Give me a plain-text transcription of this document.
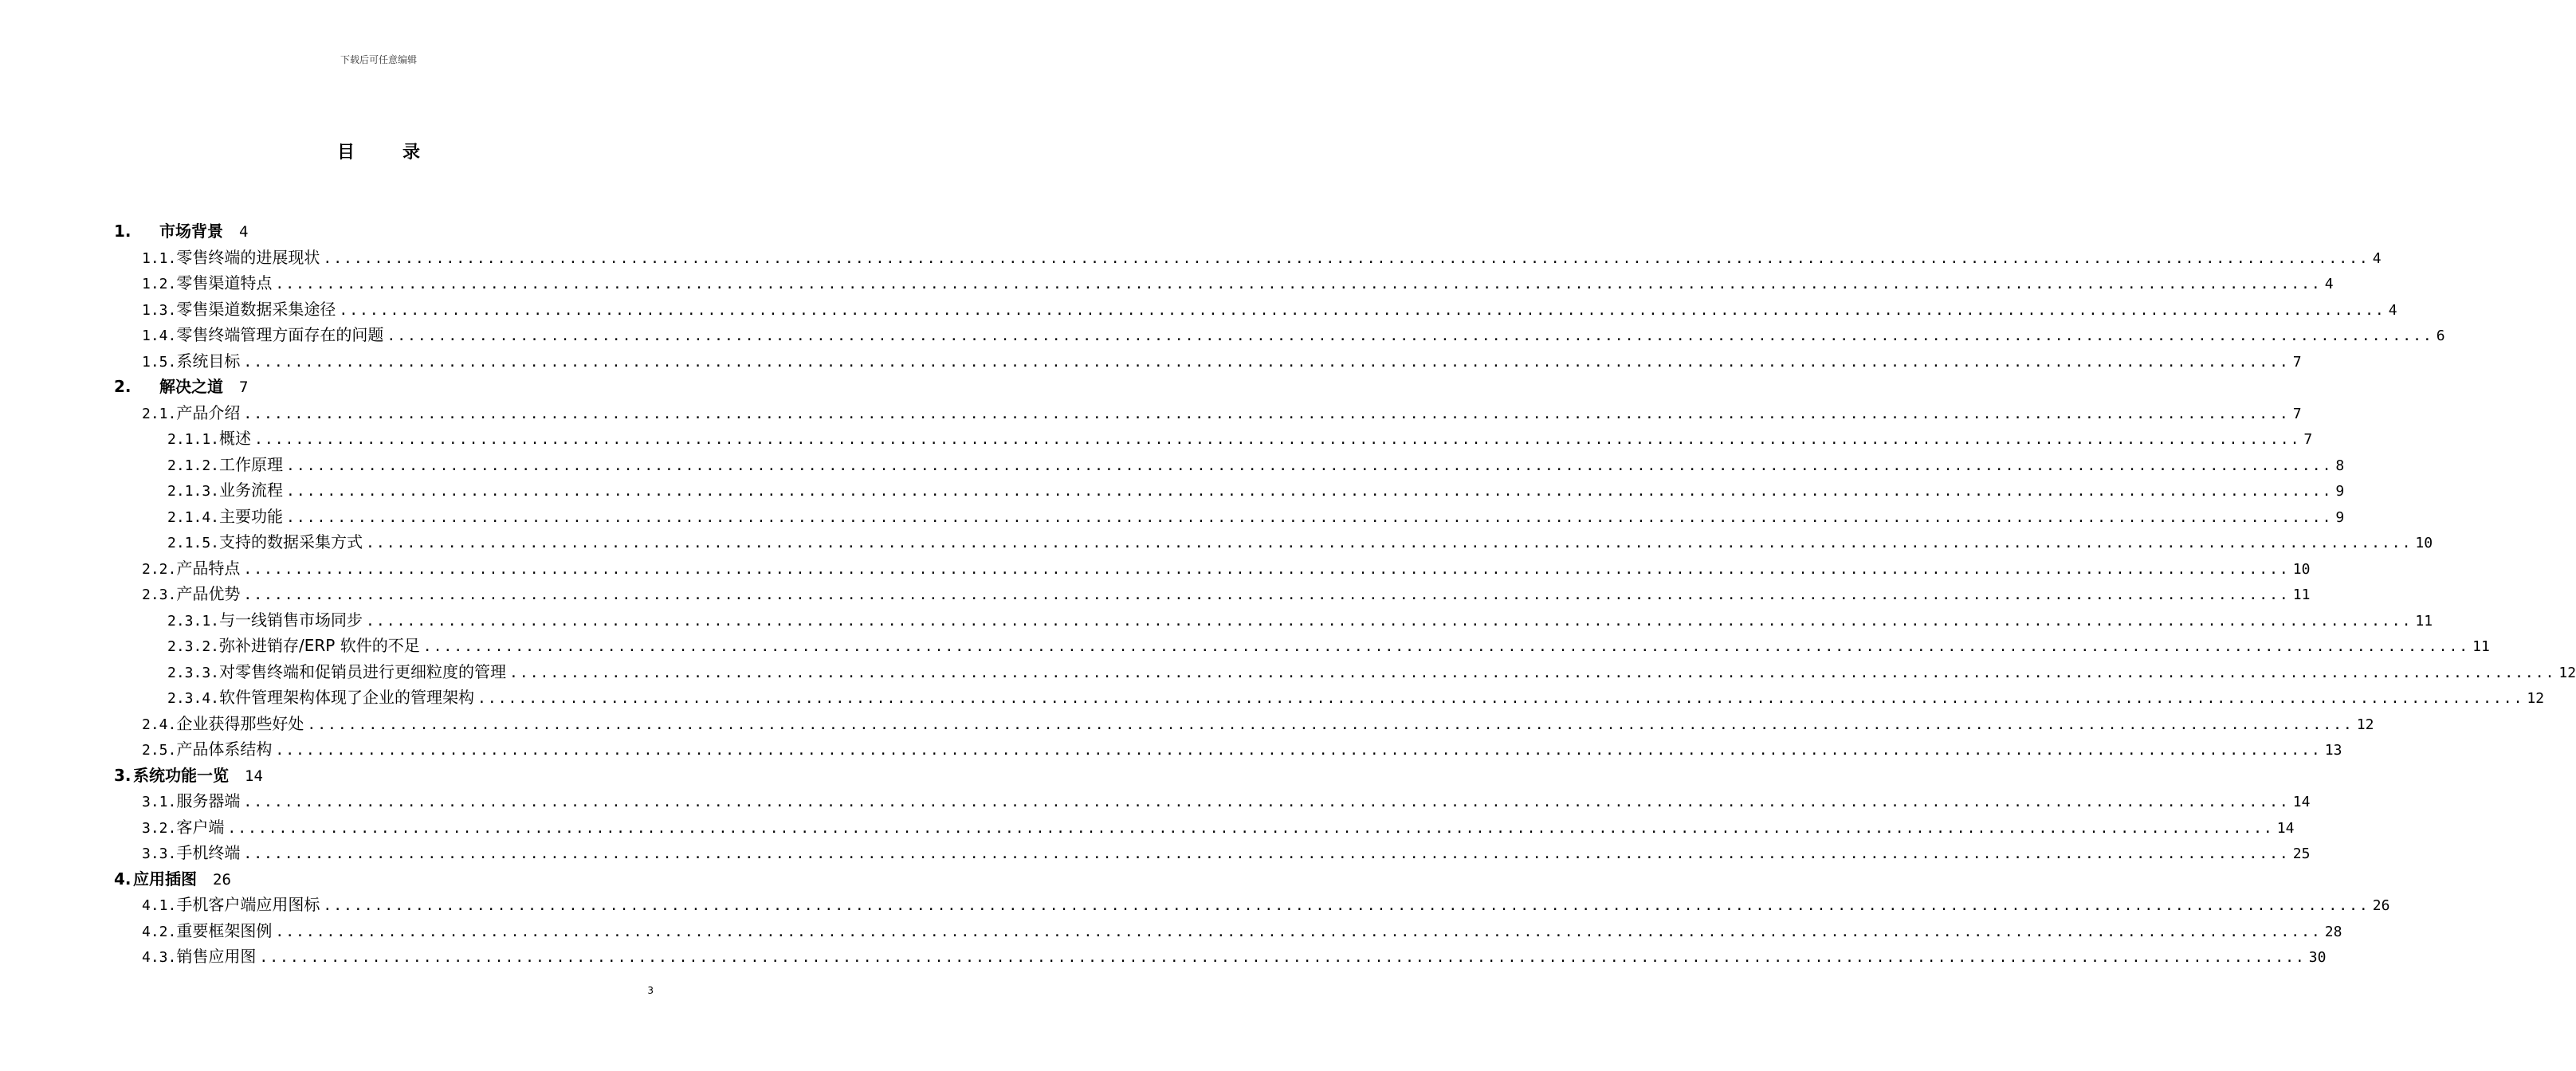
下载后可任意编辑
目	录
1.	市场背景 4
1.1. 零售终端的进展现状 ........................................................................................................................................................................................................ 4
1.2. 零售渠道特点 ........................................................................................................................................................................................................ 4
1.3. 零售渠道数据采集途径 ........................................................................................................................................................................................................ 4
1.4. 零售终端管理方面存在的问题 ........................................................................................................................................................................................................ 6
1.5. 系统目标 ........................................................................................................................................................................................................ 7
2.	解决之道 7
2.1. 产品介绍 ........................................................................................................................................................................................................ 7
2.1.1. 概述 ........................................................................................................................................................................................................ 7
2.1.2. 工作原理 ........................................................................................................................................................................................................ 8
2.1.3. 业务流程 ........................................................................................................................................................................................................ 9
2.1.4. 主要功能 ........................................................................................................................................................................................................ 9
2.1.5. 支持的数据采集方式 ........................................................................................................................................................................................................ 10
2.2. 产品特点 ........................................................................................................................................................................................................ 10
2.3. 产品优势 ........................................................................................................................................................................................................ 11
2.3.1. 与一线销售市场同步 ........................................................................................................................................................................................................ 11
2.3.2. 弥补进销存/ERP 软件的不足 ........................................................................................................................................................................................................ 11
2.3.3. 对零售终端和促销员进行更细粒度的管理 ........................................................................................................................................................................................................ 12
2.3.4. 软件管理架构体现了企业的管理架构 ........................................................................................................................................................................................................ 12
2.4. 企业获得那些好处 ........................................................................................................................................................................................................ 12
2.5. 产品体系结构 ........................................................................................................................................................................................................ 13
3. 系统功能一览 14
3.1. 服务器端 ........................................................................................................................................................................................................ 14
3.2. 客户端 ........................................................................................................................................................................................................ 14
3.3. 手机终端 ........................................................................................................................................................................................................ 25
4. 应用插图 26
4.1. 手机客户端应用图标 ........................................................................................................................................................................................................ 26
4.2. 重要框架图例 ........................................................................................................................................................................................................ 28
4.3. 销售应用图 ........................................................................................................................................................................................................ 30
3
